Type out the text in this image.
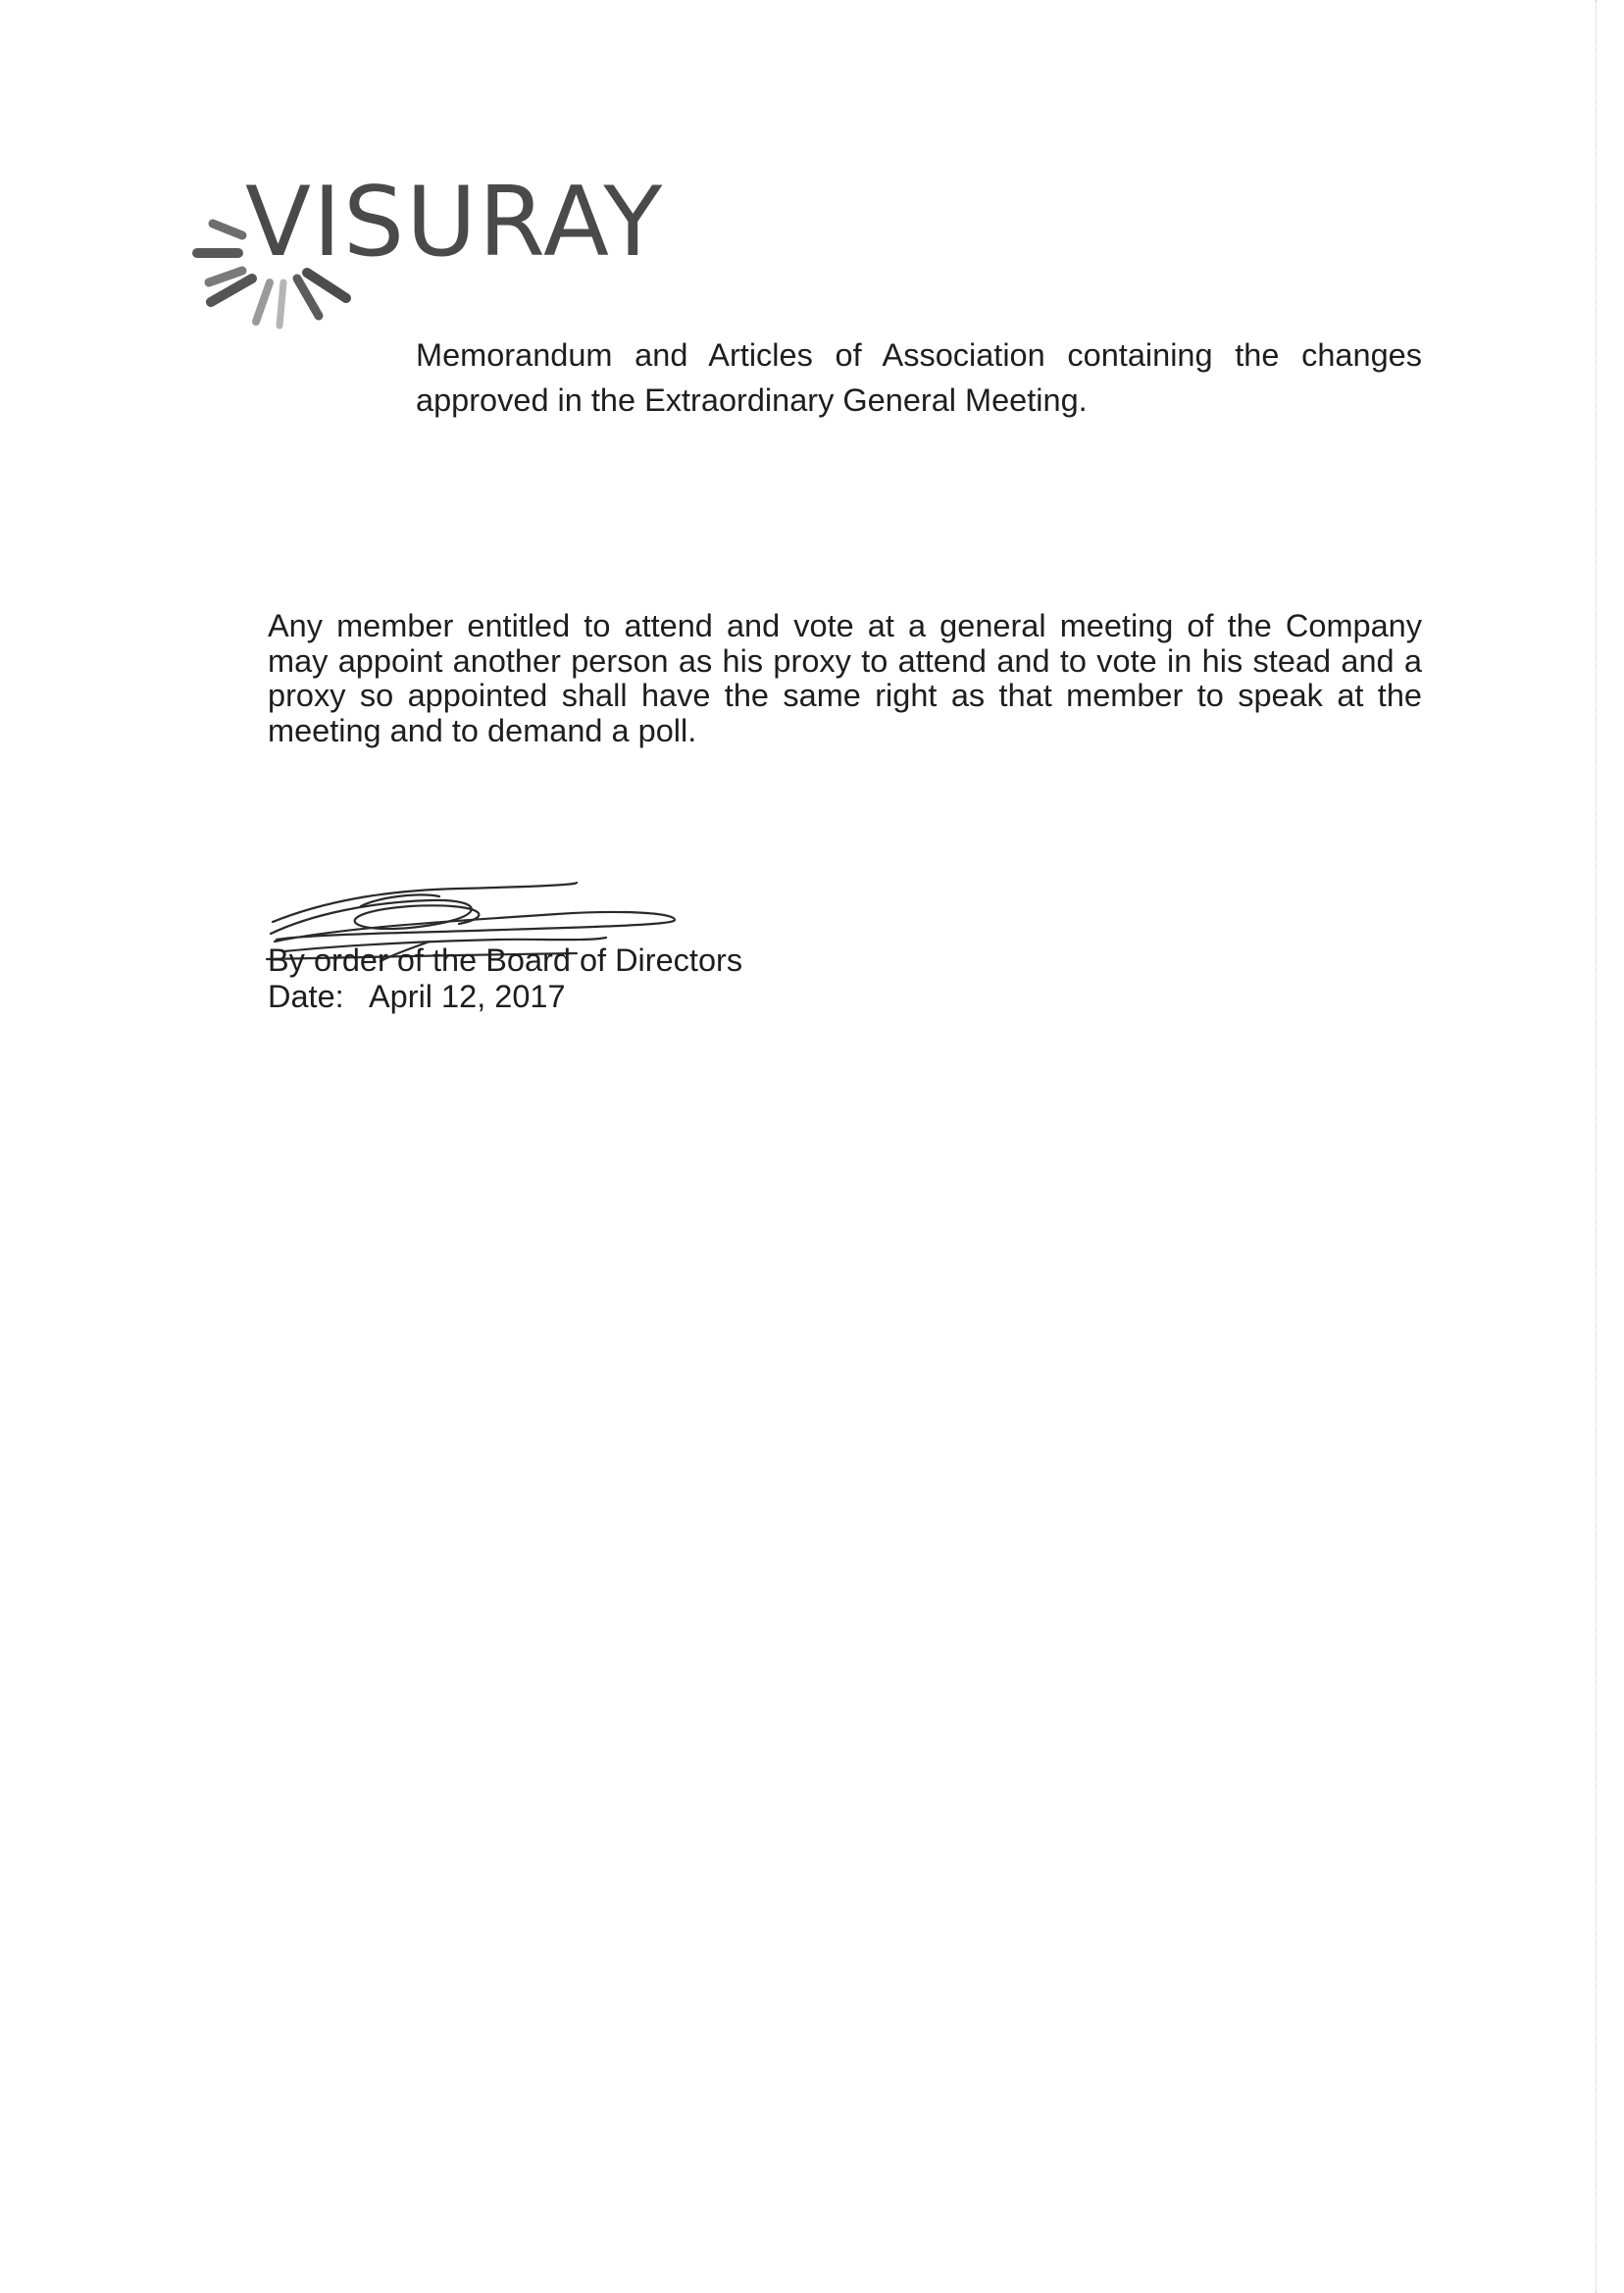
VISURAY

Memorandum and Articles of Association containing the changes approved in the Extraordinary General Meeting.

Any member entitled to attend and vote at a general meeting of the Company may appoint another person as his proxy to attend and to vote in his stead and a proxy so appointed shall have the same right as that member to speak at the meeting and to demand a poll.

By order of the Board of Directors
Date: April 12, 2017
